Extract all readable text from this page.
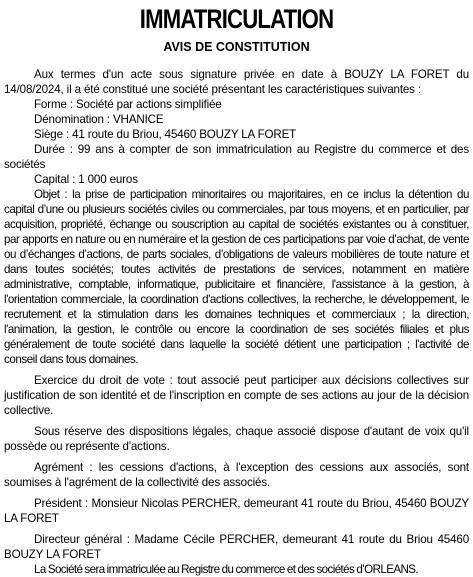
IMMATRICULATION
AVIS DE CONSTITUTION

Aux termes d'un acte sous signature privée en date à BOUZY LA FORET du 14/08/2024, il a été constitué une société présentant les caractéristiques suivantes :

Forme : Société par actions simplifiée

Dénomination : VHANICE

Siège : 41 route du Briou, 45460 BOUZY LA FORET

Durée : 99 ans à compter de son immatriculation au Registre du commerce et des sociétés

Capital : 1 000 euros

Objet : la prise de participation minoritaires ou majoritaires, en ce inclus la détention du capital d’une ou plusieurs sociétés civiles ou commerciales, par tous moyens, et en particulier, par acquisition, propriété, échange ou souscription au capital de sociétés existantes ou à constituer, par apports en nature ou en numéraire et la gestion de ces participations par voie d’achat, de vente ou d’échanges d’actions, de parts sociales, d’obligations de valeurs mobilières de toute nature et dans toutes sociétés; toutes activités de prestations de services, notamment en matière administrative, comptable, informatique, publicitaire et financière, l'assistance à la gestion, à l'orientation commerciale, la coordination d'actions collectives, la recherche, le développement, le recrutement et la stimulation dans les domaines techniques et commerciaux ; la direction, l'animation, la gestion, le contrôle ou encore la coordination de ses sociétés filiales et plus généralement de toute société dans laquelle la société détient une participation ; l'activité de conseil dans tous domaines.

Exercice du droit de vote : tout associé peut participer aux décisions collectives sur justification de son identité et de l'inscription en compte de ses actions au jour de la décision collective.

Sous réserve des dispositions légales, chaque associé dispose d'autant de voix qu'il possède ou représente d'actions.

Agrément : les cessions d'actions, à l'exception des cessions aux associés, sont soumises à l'agrément de la collectivité des associés.

Président : Monsieur Nicolas PERCHER, demeurant 41 route du Briou, 45460 BOUZY LA FORET

Directeur général : Madame Cécile PERCHER, demeurant 41 route du Briou 45460 BOUZY LA FORET

La Société sera immatriculée au Registre du commerce et des sociétés d’ORLEANS.
